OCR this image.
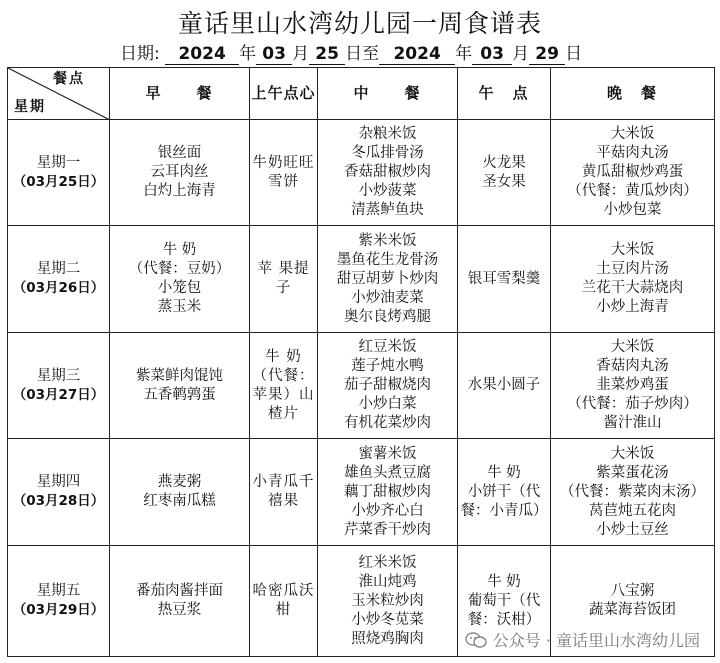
童话里山水湾幼儿园一周食谱表
日期: 2024 年 03 月 25 日至 2024 年 03 月 29 日
餐点
星期	早　　餐	上午点心	中　　餐	午　点	晚　餐

星期一
（03月25日）	银丝面
云耳肉丝
白灼上海青	牛奶旺旺雪饼	杂粮米饭
冬瓜排骨汤
香菇甜椒炒肉
小炒菠菜
清蒸鲈鱼块	火龙果
圣女果	大米饭
平菇肉丸汤
黄瓜甜椒炒鸡蛋
（代餐：黄瓜炒肉）
小炒包菜

星期二
（03月26日）	牛 奶
（代餐：豆奶）
小笼包
蒸玉米	苹 果提 子	紫米米饭
墨鱼花生龙骨汤
甜豆胡萝卜炒肉
小炒油麦菜
奥尔良烤鸡腿	银耳雪梨羹	大米饭
土豆肉片汤
兰花干大蒜烧肉
小炒上海青

星期三
（03月27日）	紫菜鲜肉馄饨
五香鹌鹑蛋	牛 奶（代餐：苹果）山楂片	红豆米饭
莲子炖水鸭
茄子甜椒烧肉
小炒白菜
有机花菜炒肉	水果小圆子	大米饭
香菇肉丸汤
韭菜炒鸡蛋
（代餐：茄子炒肉）
酱汁淮山

星期四
（03月28日）	燕麦粥
红枣南瓜糕	小青瓜千禧果	蜜薯米饭
雄鱼头煮豆腐
藕丁甜椒炒肉
小炒齐心白
芹菜香干炒肉	牛 奶
小饼干（代餐：小青瓜）	大米饭
紫菜蛋花汤
（代餐：紫菜肉末汤）
莴苣炖五花肉
小炒土豆丝

星期五
（03月29日）	番茄肉酱拌面
热豆浆	哈密瓜沃 柑	红米米饭
淮山炖鸡
玉米粒炒肉
小炒冬苋菜
照烧鸡胸肉	牛 奶
葡萄干（代餐：沃柑）	八宝粥
蔬菜海苔饭团
公众号 · 童话里山水湾幼儿园
